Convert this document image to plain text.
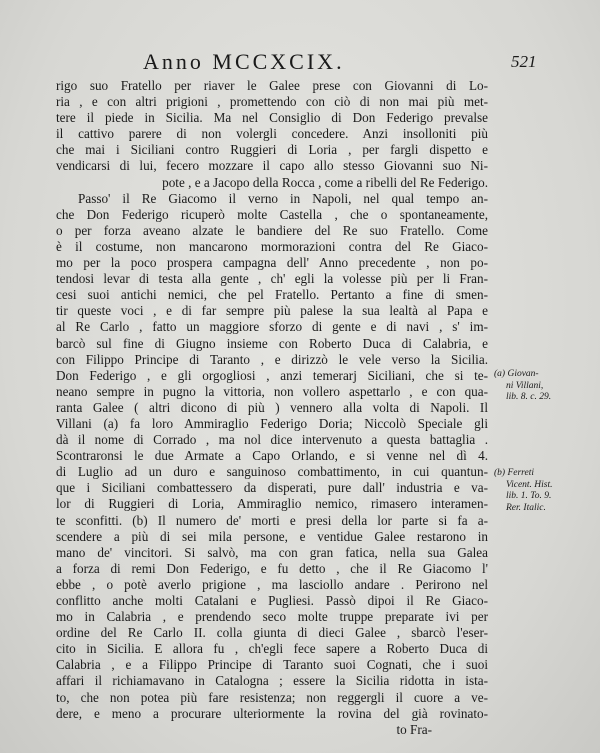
Anno MCCXCIX.	521
rigo suo Fratello per riaver le Galee prese con Giovanni di Lo-
ria , e con altri prigioni , promettendo con ciò di non mai più met-
tere il piede in Sicilia. Ma nel Consiglio di Don Federigo prevalse
il cattivo parere di non volergli concedere. Anzi insolloniti più
che mai i Siciliani contro Ruggieri di Loria , per fargli dispetto e
vendicarsi di lui, fecero mozzare il capo allo stesso Giovanni suo Ni-
pote , e a Jacopo della Rocca , come a ribelli del Re Federigo.
Passo' il Re Giacomo il verno in Napoli, nel qual tempo an-
che Don Federigo ricuperò molte Castella , che o spontaneamente,
o per forza aveano alzate le bandiere del Re suo Fratello. Come
è il costume, non mancarono mormorazioni contra del Re Giaco-
mo per la poco prospera campagna dell' Anno precedente , non po-
tendosi levar di testa alla gente , ch' egli la volesse più per li Fran-
cesi suoi antichi nemici, che pel Fratello. Pertanto a fine di smen-
tir queste voci , e di far sempre più palese la sua lealtà al Papa e
al Re Carlo , fatto un maggiore sforzo di gente e di navi , s' im-
barcò sul fine di Giugno insieme con Roberto Duca di Calabria, e
con Filippo Principe di Taranto , e dirizzò le vele verso la Sicilia.
Don Federigo , e gli orgogliosi , anzi temerarj Siciliani, che si te-
neano sempre in pugno la vittoria, non vollero aspettarlo , e con qua-
ranta Galee ( altri dicono di più ) vennero alla volta di Napoli. Il
Villani (a) fa loro Ammiraglio Federigo Doria; Niccolò Speciale gli
dà il nome di Corrado , ma nol dice intervenuto a questa battaglia .
Scontraronsi le due Armate a Capo Orlando, e si venne nel dì 4.
di Luglio ad un duro e sanguinoso combattimento, in cui quantun-
que i Siciliani combattessero da disperati, pure dall' industria e va-
lor di Ruggieri di Loria, Ammiraglio nemico, rimasero interamen-
te sconfitti. (b) Il numero de' morti e presi della lor parte si fa a-
scendere a più di sei mila persone, e ventidue Galee restarono in
mano de' vincitori. Si salvò, ma con gran fatica, nella sua Galea
a forza di remi Don Federigo, e fu detto , che il Re Giacomo l'
ebbe , o potè averlo prigione , ma lasciollo andare . Perirono nel
conflitto anche molti Catalani e Pugliesi. Passò dipoi il Re Giaco-
mo in Calabria , e prendendo seco molte truppe preparate ivi per
ordine del Re Carlo II. colla giunta di dieci Galee , sbarcò l'eser-
cito in Sicilia. E allora fu , ch'egli fece sapere a Roberto Duca di
Calabria , e a Filippo Principe di Taranto suoi Cognati, che i suoi
affari il richiamavano in Catalogna ; essere la Sicilia ridotta in ista-
to, che non potea più fare resistenza; non reggergli il cuore a ve-
dere, e meno a procurare ulteriormente la rovina del già rovinato-
to Fra-
(a) Giovan-
ni Villani,
lib. 8. c. 29.
(b) Ferreti
Vicent. Hist.
lib. 1. To. 9.
Rer. Italic.
